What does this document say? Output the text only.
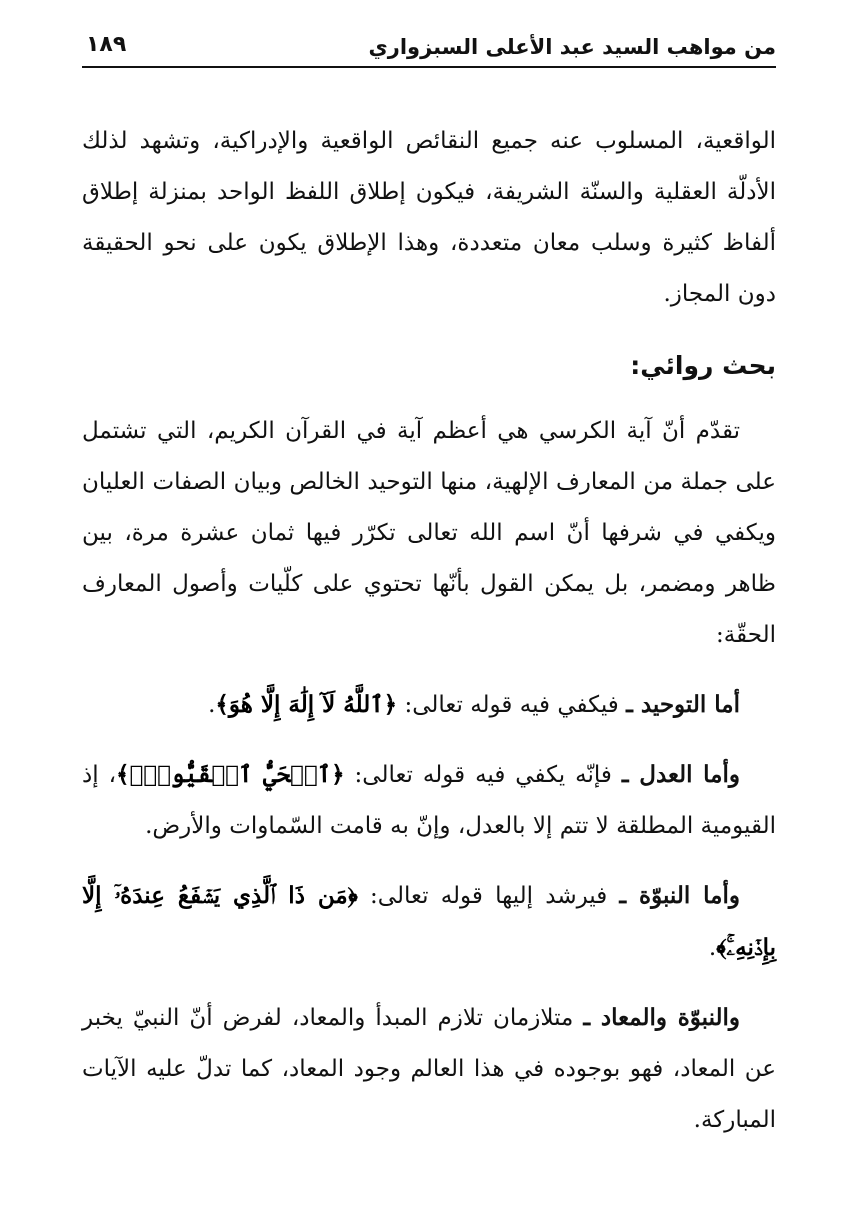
من مواهب السيد عبد الأعلى السبزواري
١٨٩

الواقعية، المسلوب عنه جميع النقائص الواقعية والإدراكية، وتشهد لذلك الأدلّة العقلية والسنّة الشريفة، فيكون إطلاق اللفظ الواحد بمنزلة إطلاق ألفاظ كثيرة وسلب معان متعددة، وهذا الإطلاق يكون على نحو الحقيقة دون المجاز.

بحث روائي:

تقدّم أنّ آية الكرسي هي أعظم آية في القرآن الكريم، التي تشتمل على جملة من المعارف الإلهية، منها التوحيد الخالص وبيان الصفات العليان ويكفي في شرفها أنّ اسم الله تعالى تكرّر فيها ثمان عشرة مرة، بين ظاهر ومضمر، بل يمكن القول بأنّها تحتوي على كلّيات وأصول المعارف الحقّة:

أما التوحيد ـ فيكفي فيه قوله تعالى: ﴿ٱللَّهُ لَآ إِلَٰهَ إِلَّا هُوَ﴾.

وأما العدل ـ فإنّه يكفي فيه قوله تعالى: ﴿ٱلۡحَيُّ ٱلۡقَيُّومُۚ﴾، إذ القيومية المطلقة لا تتم إلا بالعدل، وإنّ به قامت السّماوات والأرض.

وأما النبوّة ـ فيرشد إليها قوله تعالى: ﴿مَن ذَا ٱلَّذِي يَشۡفَعُ عِندَهُۥٓ إِلَّا بِإِذۡنِهِۦۚ﴾.

والنبوّة والمعاد ـ متلازمان تلازم المبدأ والمعاد، لفرض أنّ النبيّ يخبر عن المعاد، فهو بوجوده في هذا العالم وجود المعاد، كما تدلّ عليه الآيات المباركة.
